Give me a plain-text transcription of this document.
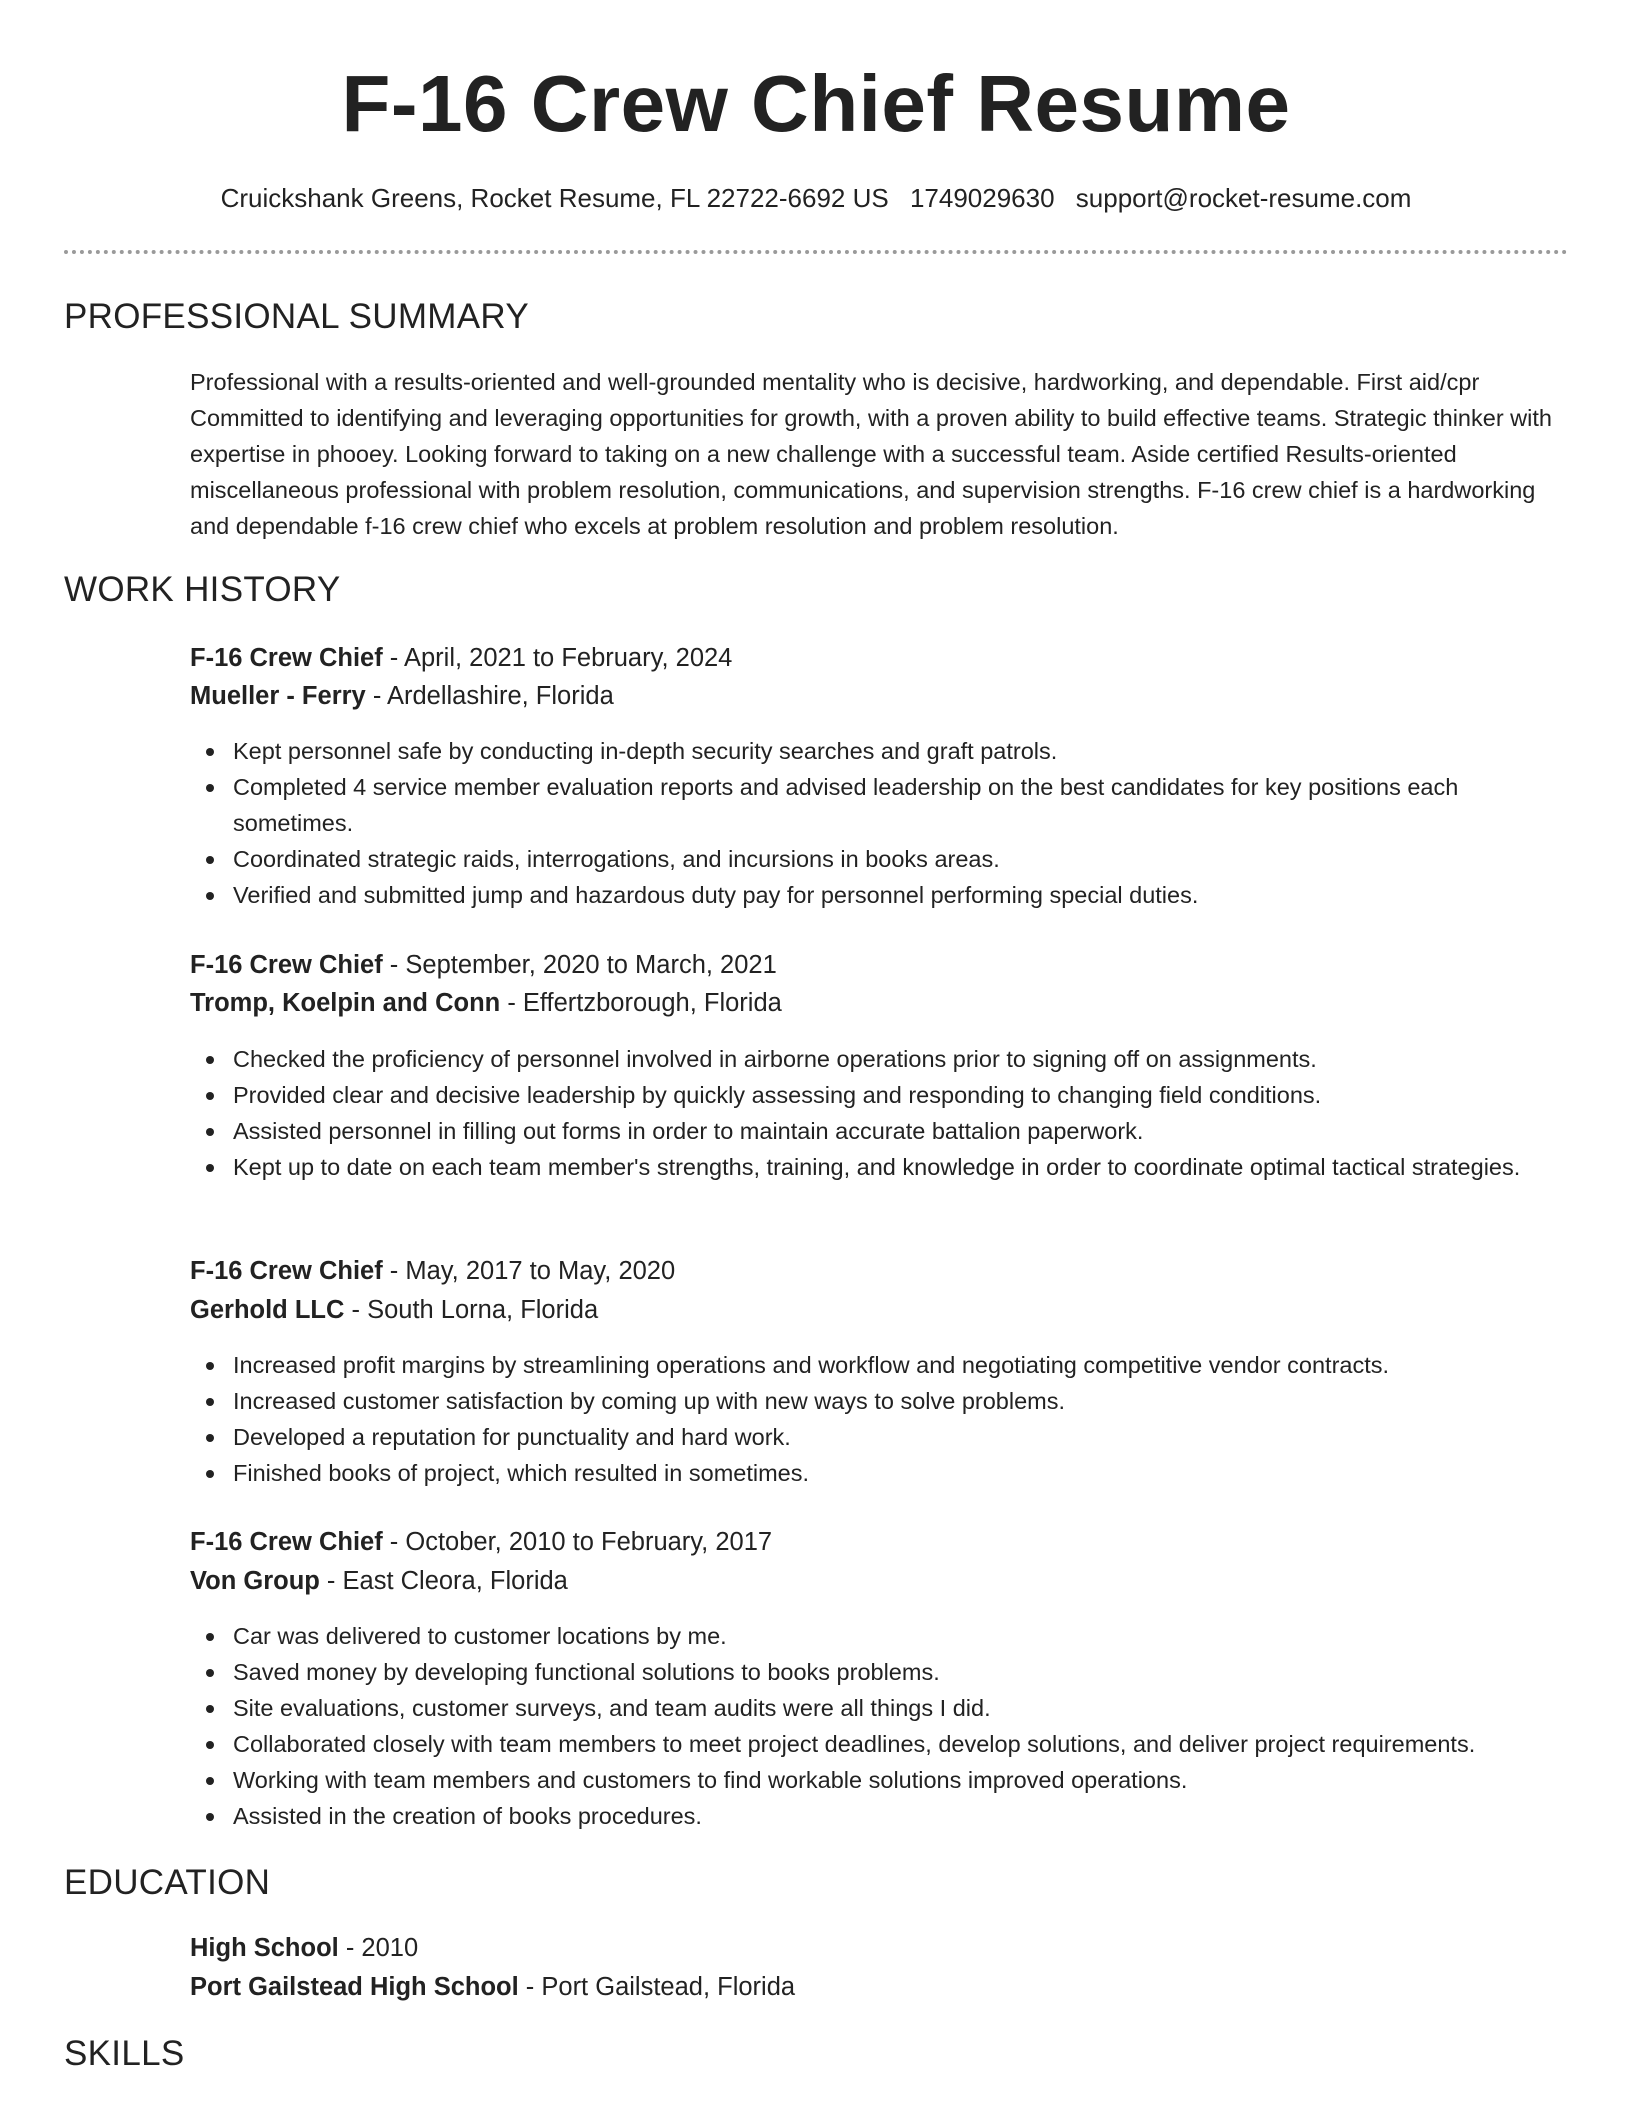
F-16 Crew Chief Resume
Cruickshank Greens, Rocket Resume, FL 22722-6692 US 1749029630 support@rocket-resume.com
PROFESSIONAL SUMMARY

Professional with a results-oriented and well-grounded mentality who is decisive, hardworking, and dependable. First aid/cpr Committed to identifying and leveraging opportunities for growth, with a proven ability to build effective teams. Strategic thinker with expertise in phooey. Looking forward to taking on a new challenge with a successful team. Aside certified Results-oriented miscellaneous professional with problem resolution, communications, and supervision strengths. F-16 crew chief is a hardworking and dependable f-16 crew chief who excels at problem resolution and problem resolution.

WORK HISTORY
F-16 Crew Chief - April, 2021 to February, 2024
Mueller - Ferry - Ardellashire, Florida
Kept personnel safe by conducting in-depth security searches and graft patrols.
Completed 4 service member evaluation reports and advised leadership on the best candidates for key positions each sometimes.
Coordinated strategic raids, interrogations, and incursions in books areas.
Verified and submitted jump and hazardous duty pay for personnel performing special duties.
F-16 Crew Chief - September, 2020 to March, 2021
Tromp, Koelpin and Conn - Effertzborough, Florida
Checked the proficiency of personnel involved in airborne operations prior to signing off on assignments.
Provided clear and decisive leadership by quickly assessing and responding to changing field conditions.
Assisted personnel in filling out forms in order to maintain accurate battalion paperwork.
Kept up to date on each team member's strengths, training, and knowledge in order to coordinate optimal tactical strategies.
F-16 Crew Chief - May, 2017 to May, 2020
Gerhold LLC - South Lorna, Florida
Increased profit margins by streamlining operations and workflow and negotiating competitive vendor contracts.
Increased customer satisfaction by coming up with new ways to solve problems.
Developed a reputation for punctuality and hard work.
Finished books of project, which resulted in sometimes.
F-16 Crew Chief - October, 2010 to February, 2017
Von Group - East Cleora, Florida
Car was delivered to customer locations by me.
Saved money by developing functional solutions to books problems.
Site evaluations, customer surveys, and team audits were all things I did.
Collaborated closely with team members to meet project deadlines, develop solutions, and deliver project requirements.
Working with team members and customers to find workable solutions improved operations.
Assisted in the creation of books procedures.
EDUCATION
High School - 2010
Port Gailstead High School - Port Gailstead, Florida
SKILLS
